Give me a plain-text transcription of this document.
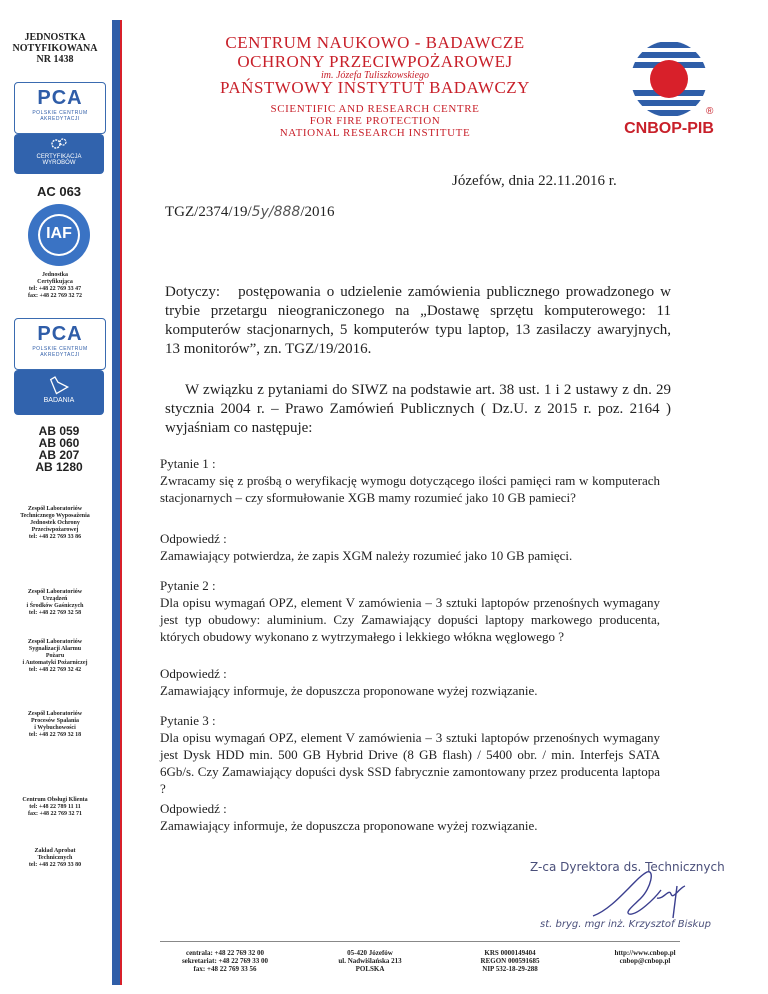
JEDNOSTKA
NOTYFIKOWANA
NR 1438
PCA
POLSKIE CENTRUM
AKREDYTACJI
CERTYFIKACJA
WYROBÓW
AC 063
IAF
Jednostka
Certyfikująca
tel: +48 22 769 33 47
fax: +48 22 769 32 72
PCA
POLSKIE CENTRUM
AKREDYTACJI
BADANIA
AB 059
AB 060
AB 207
AB 1280
Zespół Laboratoriów
Technicznego Wyposażenia
Jednostek Ochrony
Przeciwpożarowej
tel: +48 22 769 33 86
Zespół Laboratoriów
Urządzeń
i Środków Gaśniczych
tel: +48 22 769 32 58
Zespół Laboratoriów
Sygnalizacji Alarmu
Pożaru
i Automatyki Pożarniczej
tel: +48 22 769 32 42
Zespół Laboratoriów
Procesów Spalania
i Wybuchowości
tel: +48 22 769 32 18
Centrum Obsługi Klienta
tel: +48 22 789 11 11
fax: +48 22 769 32 71
Zakład Aprobat
Technicznych
tel: +48 22 769 33 80
CENTRUM NAUKOWO - BADAWCZE
OCHRONY PRZECIWPOŻAROWEJ
im. Józefa Tuliszkowskiego
PAŃSTWOWY INSTYTUT BADAWCZY
SCIENTIFIC AND RESEARCH CENTRE
FOR FIRE PROTECTION
NATIONAL RESEARCH INSTITUTE
®
CNBOP-PIB
Józefów, dnia 22.11.2016 r.
TGZ/2374/19/5y/888/2016
Dotyczy: postępowania o udzielenie zamówienia publicznego prowadzonego w trybie przetargu nieograniczonego na „Dostawę sprzętu komputerowego: 11 komputerów stacjonarnych, 5 komputerów typu laptop, 13 zasilaczy awaryjnych, 13 monitorów”, zn. TGZ/19/2016.
W związku z pytaniami do SIWZ na podstawie art. 38 ust. 1 i 2 ustawy z dn. 29 stycznia 2004 r. – Prawo Zamówień Publicznych ( Dz.U. z 2015 r. poz. 2164 ) wyjaśniam co następuje:
Pytanie 1 :
Zwracamy się z prośbą o weryfikację wymogu dotyczącego ilości pamięci ram w komputerach stacjonarnych – czy sformułowanie XGB mamy rozumieć jako 10 GB pamieci?
Odpowiedź :
Zamawiający potwierdza, że zapis XGM należy rozumieć jako 10 GB pamięci.
Pytanie 2 :
Dla opisu wymagań OPZ, element V zamówienia – 3 sztuki laptopów przenośnych wymagany jest typ obudowy: aluminium. Czy Zamawiający dopuści laptopy markowego producenta, których obudowy wykonano z wytrzymałego i lekkiego włókna węglowego ?
Odpowiedź :
Zamawiający informuje, że dopuszcza proponowane wyżej rozwiązanie.
Pytanie 3 :
Dla opisu wymagań OPZ, element V zamówienia – 3 sztuki laptopów przenośnych wymagany jest Dysk HDD min. 500 GB Hybrid Drive (8 GB flash) / 5400 obr. / min. Interfejs SATA 6Gb/s. Czy Zamawiający dopuści dysk SSD fabrycznie zamontowany przez producenta laptopa ?
Odpowiedź :
Zamawiający informuje, że dopuszcza proponowane wyżej rozwiązanie.
Z-ca Dyrektora ds. Technicznych
st. bryg. mgr inż. Krzysztof Biskup
centrala: +48 22 769 32 00
sekretariat: +48 22 769 33 00
fax: +48 22 769 33 56
05-420 Józefów
ul. Nadwiślańska 213
POLSKA
KRS 0000149404
REGON 000591685
NIP 532-18-29-288
http://www.cnbop.pl
cnbop@cnbop.pl
